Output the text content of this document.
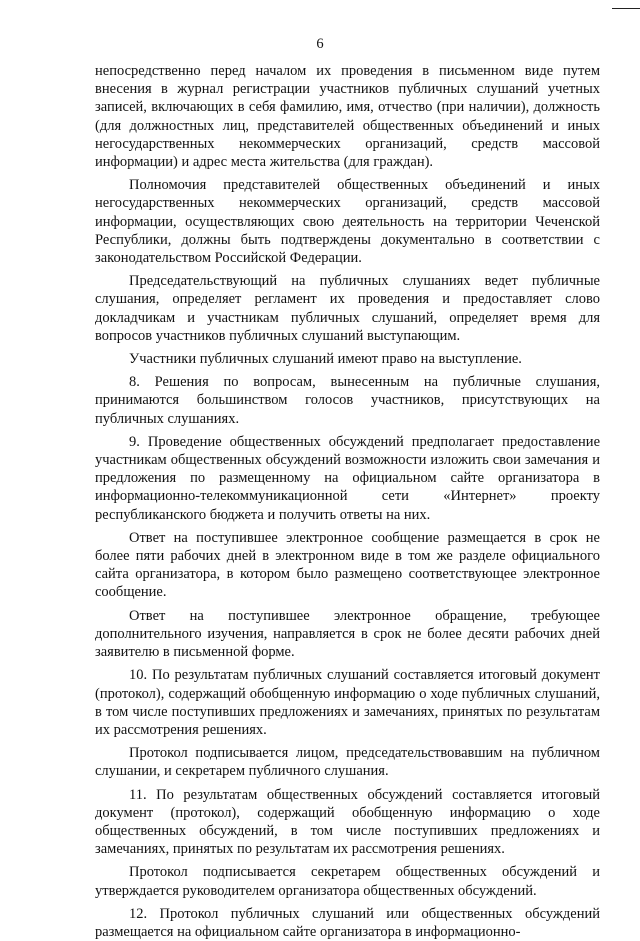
6

непосредственно перед началом их проведения в письменном виде путем внесения в журнал регистрации участников публичных слушаний учетных записей, включающих в себя фамилию, имя, отчество (при наличии), должность (для должностных лиц, представителей общественных объединений и иных негосударственных некоммерческих организаций, средств массовой информации) и адрес места жительства (для граждан).

Полномочия представителей общественных объединений и иных негосударственных некоммерческих организаций, средств массовой информации, осуществляющих свою деятельность на территории Чеченской Республики, должны быть подтверждены документально в соответствии с законодательством Российской Федерации.

Председательствующий на публичных слушаниях ведет публичные слушания, определяет регламент их проведения и предоставляет слово докладчикам и участникам публичных слушаний, определяет время для вопросов участников публичных слушаний выступающим.

Участники публичных слушаний имеют право на выступление.

8. Решения по вопросам, вынесенным на публичные слушания, принимаются большинством голосов участников, присутствующих на публичных слушаниях.

9. Проведение общественных обсуждений предполагает предоставление участникам общественных обсуждений возможности изложить свои замечания и предложения по размещенному на официальном сайте организатора в информационно-телекоммуникационной сети «Интернет» проекту республиканского бюджета и получить ответы на них.

Ответ на поступившее электронное сообщение размещается в срок не более пяти рабочих дней в электронном виде в том же разделе официального сайта организатора, в котором было размещено соответствующее электронное сообщение.

Ответ на поступившее электронное обращение, требующее дополнительного изучения, направляется в срок не более десяти рабочих дней заявителю в письменной форме.

10. По результатам публичных слушаний составляется итоговый документ (протокол), содержащий обобщенную информацию о ходе публичных слушаний, в том числе поступивших предложениях и замечаниях, принятых по результатам их рассмотрения решениях.

Протокол подписывается лицом, председательствовавшим на публичном слушании, и секретарем публичного слушания.

11. По результатам общественных обсуждений составляется итоговый документ (протокол), содержащий обобщенную информацию о ходе общественных обсуждений, в том числе поступивших предложениях и замечаниях, принятых по результатам их рассмотрения решениях.

Протокол подписывается секретарем общественных обсуждений и утверждается руководителем организатора общественных обсуждений.

12. Протокол публичных слушаний или общественных обсуждений размещается на официальном сайте организатора в информационно-
